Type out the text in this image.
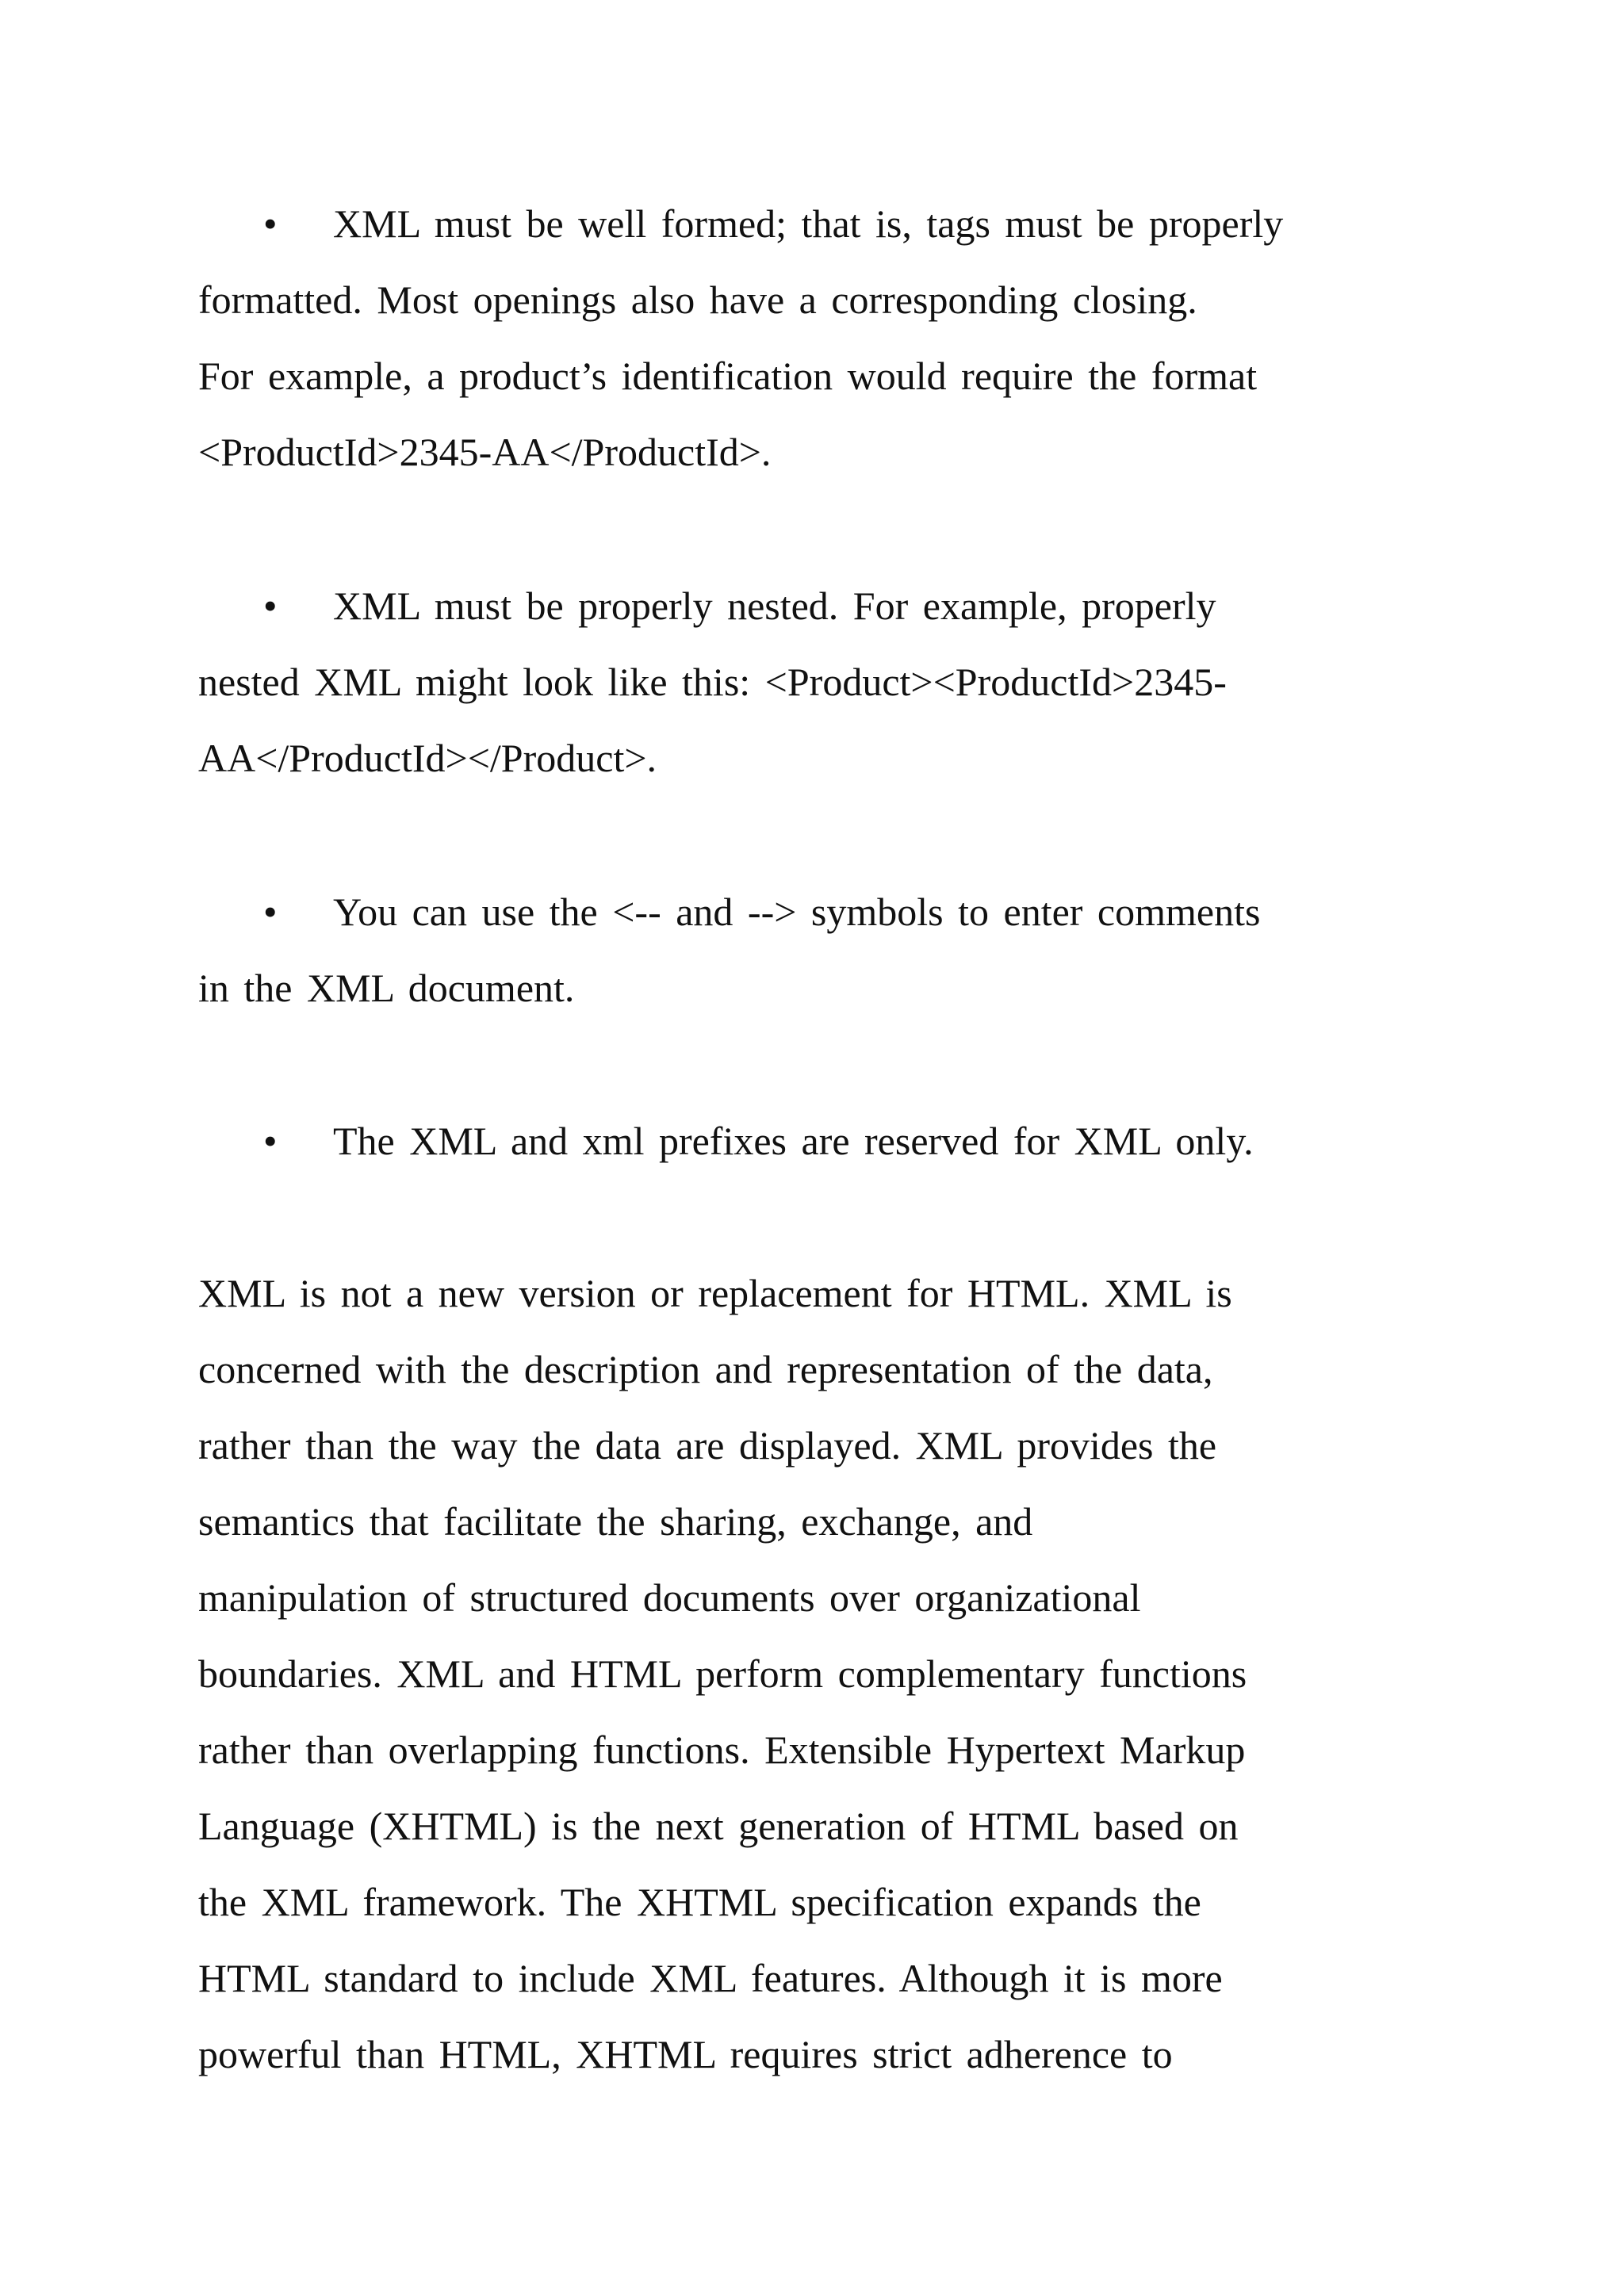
• XML must be well formed; that is, tags must be properly
formatted. Most openings also have a corresponding closing.
For example, a product’s identification would require the format
<ProductId>2345-AA</ProductId>.
• XML must be properly nested. For example, properly
nested XML might look like this: <Product><ProductId>2345-
AA</ProductId></Product>.
• You can use the <-- and --> symbols to enter comments
in the XML document.
• The XML and xml prefixes are reserved for XML only.
XML is not a new version or replacement for HTML. XML is
concerned with the description and representation of the data,
rather than the way the data are displayed. XML provides the
semantics that facilitate the sharing, exchange, and
manipulation of structured documents over organizational
boundaries. XML and HTML perform complementary functions
rather than overlapping functions. Extensible Hypertext Markup
Language (XHTML) is the next generation of HTML based on
the XML framework. The XHTML specification expands the
HTML standard to include XML features. Although it is more
powerful than HTML, XHTML requires strict adherence to
